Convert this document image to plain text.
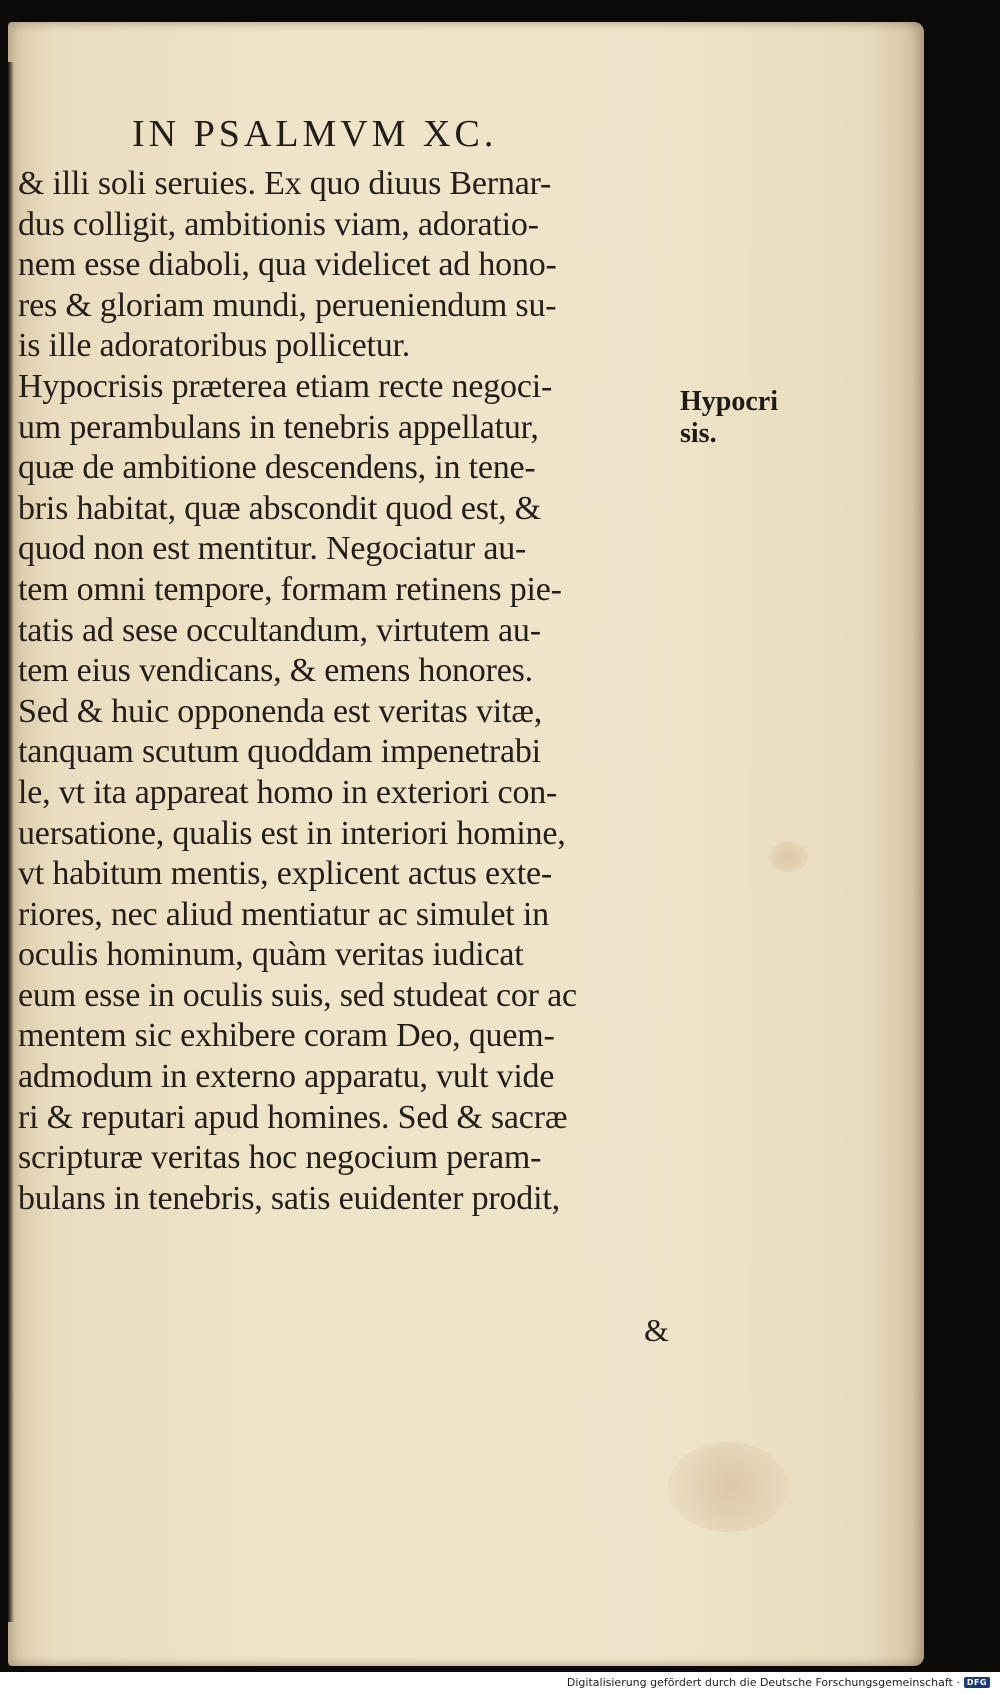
IN PSALMVM XC.
& illi soli seruies. Ex quo diuus Bernar-
dus colligit, ambitionis viam, adoratio-
nem esse diaboli, qua videlicet ad hono-
res & gloriam mundi, perueniendum su-
is ille adoratoribus pollicetur.
Hypocrisis præterea etiam recte negoci-
um perambulans in tenebris appellatur,
quæ de ambitione descendens, in tene-
bris habitat, quæ abscondit quod est, &
quod non est mentitur. Negociatur au-
tem omni tempore, formam retinens pie-
tatis ad sese occultandum, virtutem au-
tem eius vendicans, & emens honores.
Sed & huic opponenda est veritas vitæ,
tanquam scutum quoddam impenetrabi
le, vt ita appareat homo in exteriori con-
uersatione, qualis est in interiori homine,
vt habitum mentis, explicent actus exte-
riores, nec aliud mentiatur ac simulet in
oculis hominum, quàm veritas iudicat
eum esse in oculis suis, sed studeat cor ac
mentem sic exhibere coram Deo, quem-
admodum in externo apparatu, vult vide
ri & reputari apud homines. Sed & sacræ
scripturæ veritas hoc negocium peram-
bulans in tenebris, satis euidenter prodit,
&
Hypocri
sis.
Digitalisierung gefördert durch die Deutsche Forschungsgemeinschaft · DFG
